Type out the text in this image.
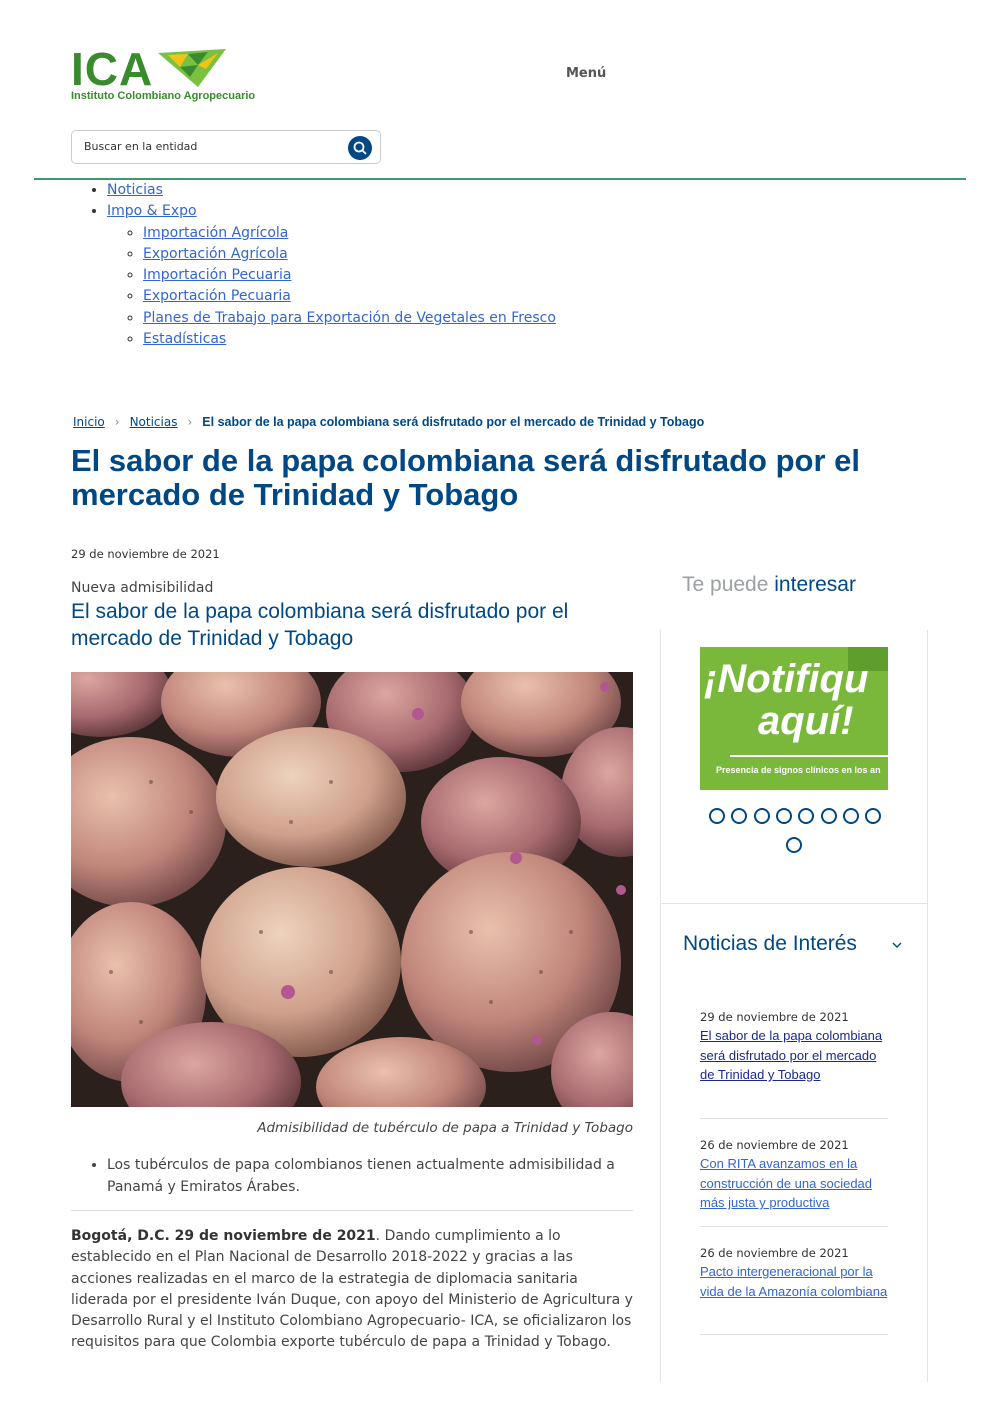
ICA
Instituto Colombiano Agropecuario
Menú
Buscar en la entidad
• Noticias
• Impo & Expo
◦ Importación Agrícola
◦ Exportación Agrícola
◦ Importación Pecuaria
◦ Exportación Pecuaria
◦ Planes de Trabajo para Exportación de Vegetales en Fresco
◦ Estadísticas
Inicio › Noticias › El sabor de la papa colombiana será disfrutado por el mercado de Trinidad y Tobago
El sabor de la papa colombiana será disfrutado por el mercado de Trinidad y Tobago
29 de noviembre de 2021
Nueva admisibilidad
El sabor de la papa colombiana será disfrutado por el mercado de Trinidad y Tobago
Admisibilidad de tubérculo de papa a Trinidad y Tobago
• Los tubérculos de papa colombianos tienen actualmente admisibilidad a Panamá y Emiratos Árabes.

Bogotá, D.C. 29 de noviembre de 2021. Dando cumplimiento a lo establecido en el Plan Nacional de Desarrollo 2018-2022 y gracias a las acciones realizadas en el marco de la estrategia de diplomacia sanitaria liderada por el presidente Iván Duque, con apoyo del Ministerio de Agricultura y Desarrollo Rural y el Instituto Colombiano Agropecuario- ICA, se oficializaron los requisitos para que Colombia exporte tubérculo de papa a Trinidad y Tobago.

Te puede interesar
¡Notifiqu
aquí!
Presencia de signos clínicos en los an
Noticias de Interés
29 de noviembre de 2021
El sabor de la papa colombiana será disfrutado por el mercado de Trinidad y Tobago
26 de noviembre de 2021
Con RITA avanzamos en la construcción de una sociedad más justa y productiva
26 de noviembre de 2021
Pacto intergeneracional por la vida de la Amazonía colombiana
